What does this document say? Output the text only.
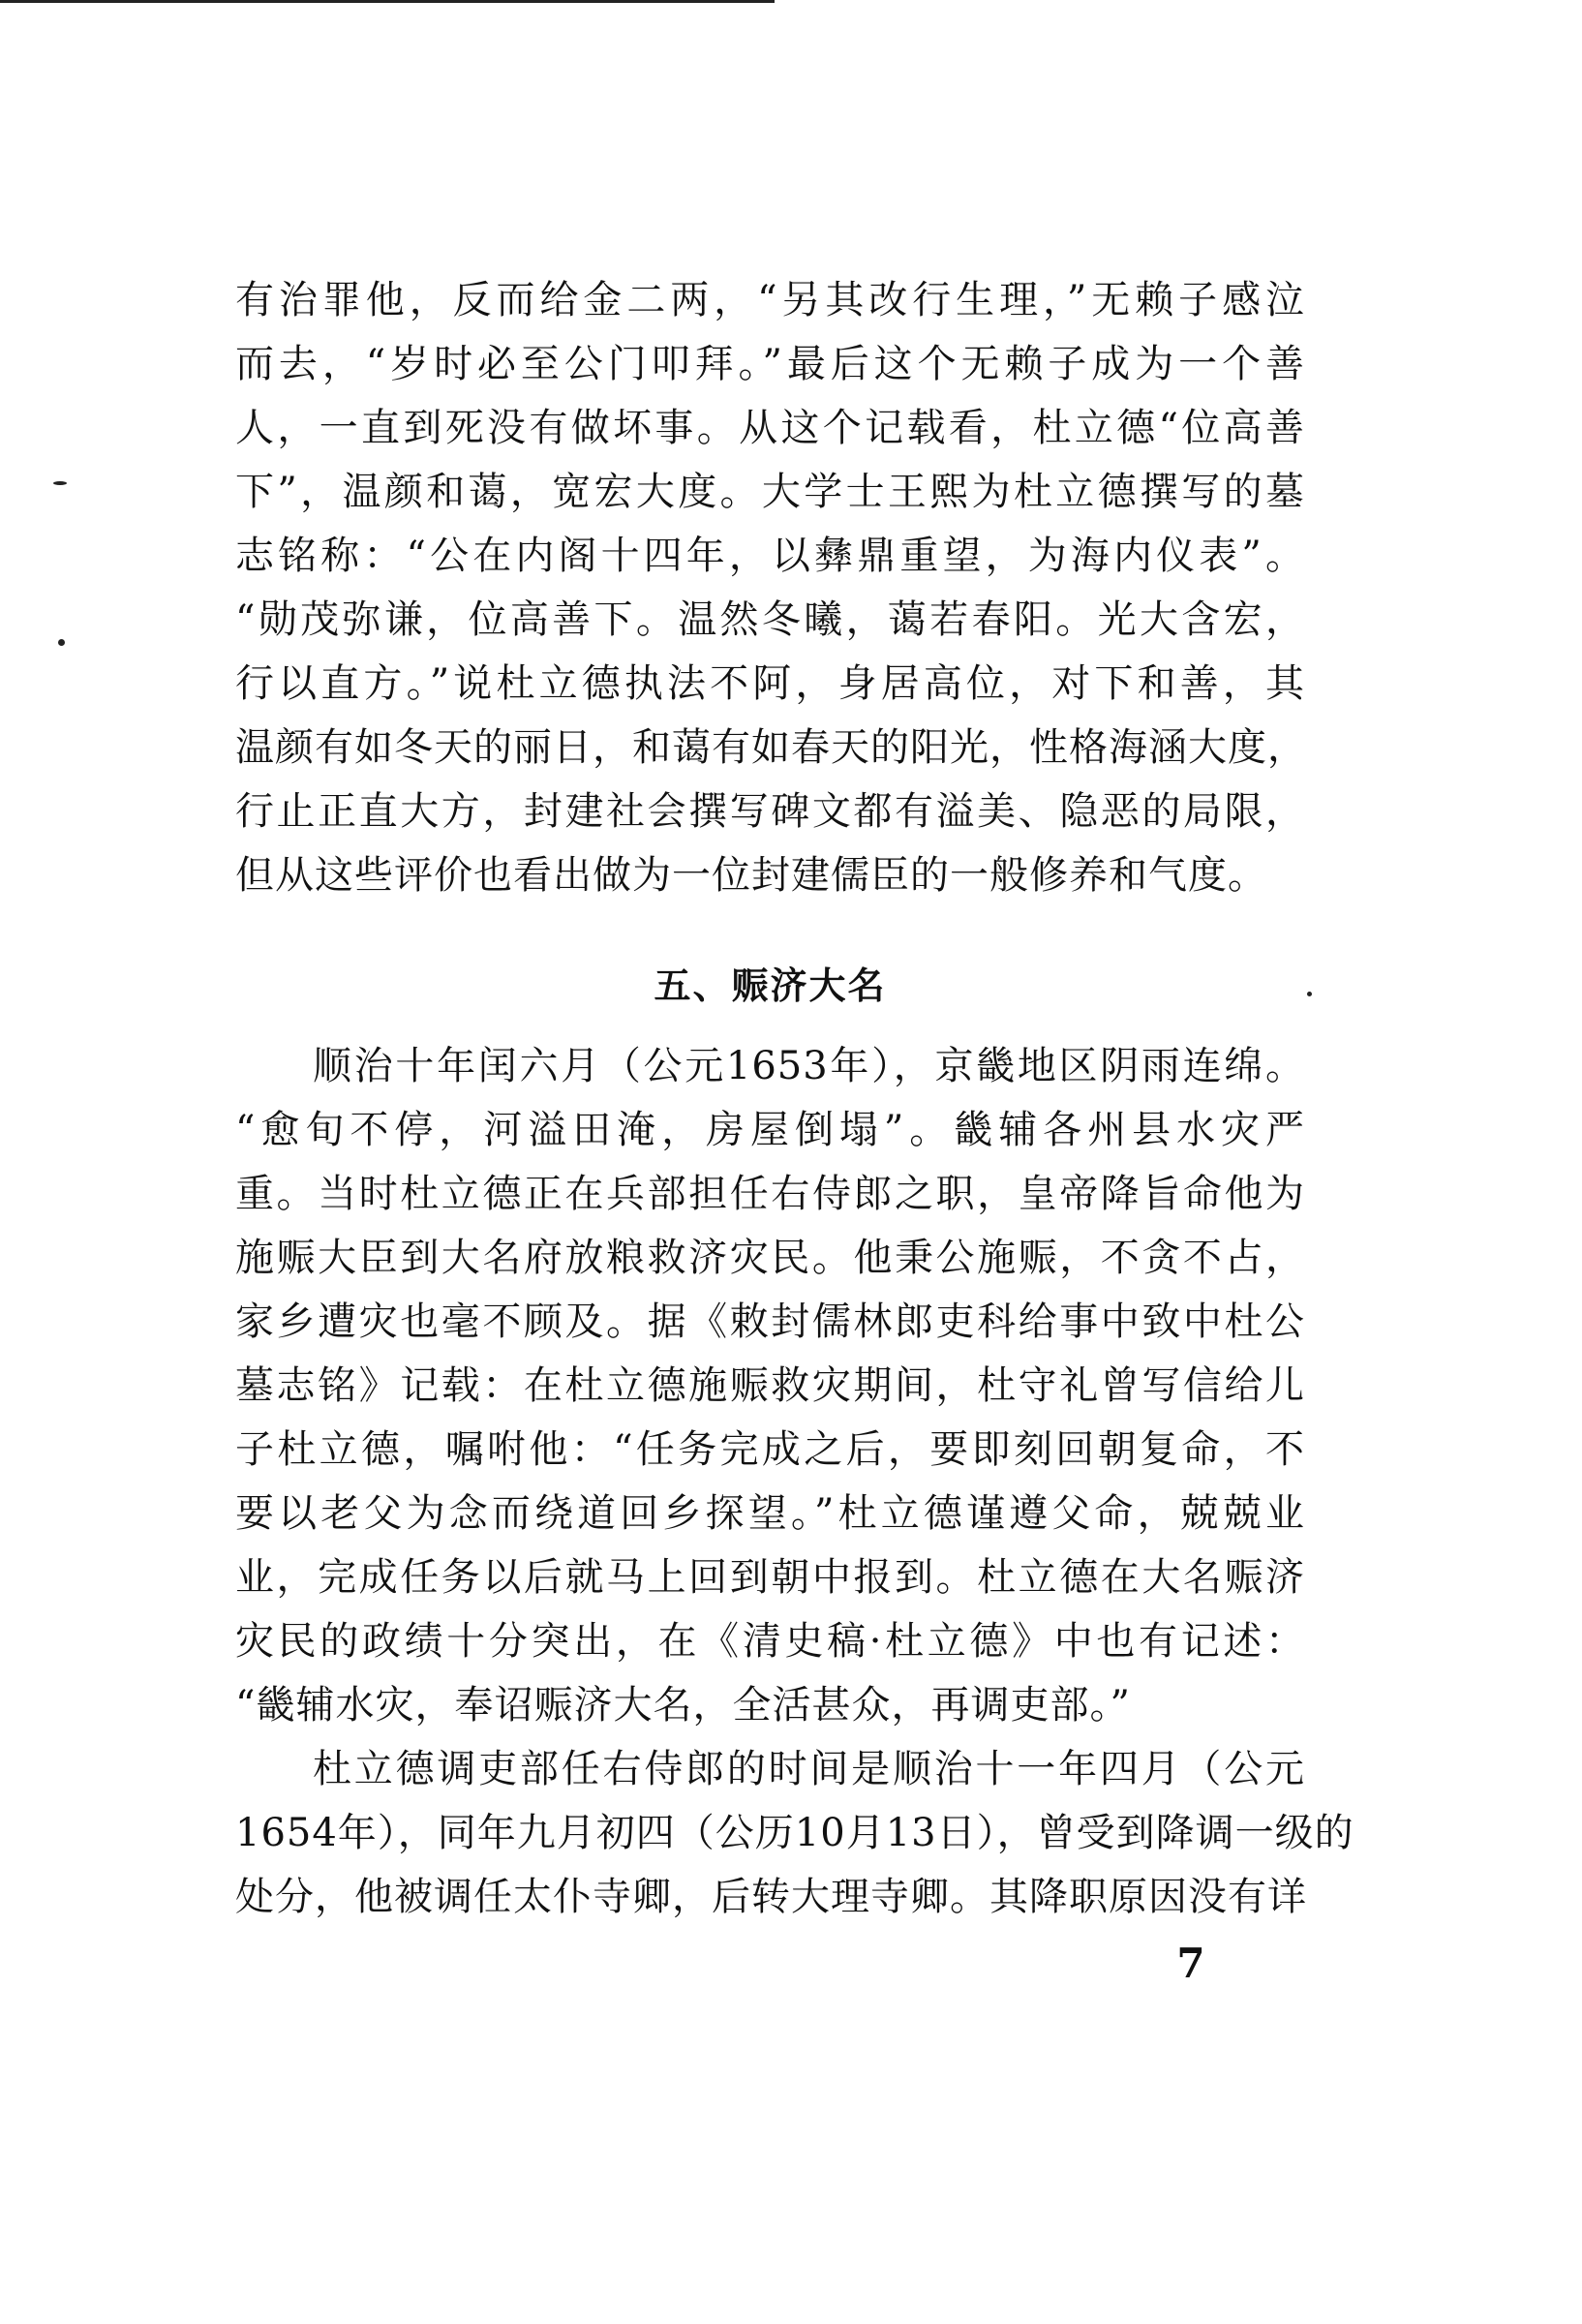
有治罪他，反而给金二两，“另其改行生理，”无赖子感泣
而去，“岁时必至公门叩拜。”最后这个无赖子成为一个善
人，一直到死没有做坏事。从这个记载看，杜立德“位高善
下”，温颜和蔼，宽宏大度。大学士王熙为杜立德撰写的墓
志铭称：“公在内阁十四年，以彝鼎重望，为海内仪表”。
“勋茂弥谦，位高善下。温然冬曦，蔼若春阳。光大含宏，
行以直方。”说杜立德执法不阿，身居高位，对下和善，其
温颜有如冬天的丽日，和蔼有如春天的阳光，性格海涵大度，
行止正直大方，封建社会撰写碑文都有溢美、隐恶的局限，
但从这些评价也看出做为一位封建儒臣的一般修养和气度。
五、赈济大名
顺治十年闰六月（公元1653年），京畿地区阴雨连绵。
“愈旬不停，河溢田淹，房屋倒塌”。畿辅各州县水灾严
重。当时杜立德正在兵部担任右侍郎之职，皇帝降旨命他为
施赈大臣到大名府放粮救济灾民。他秉公施赈，不贪不占，
家乡遭灾也毫不顾及。据《敕封儒林郎吏科给事中致中杜公
墓志铭》记载：在杜立德施赈救灾期间，杜守礼曾写信给儿
子杜立德，嘱咐他：“任务完成之后，要即刻回朝复命，不
要以老父为念而绕道回乡探望。”杜立德谨遵父命，兢兢业
业，完成任务以后就马上回到朝中报到。杜立德在大名赈济
灾民的政绩十分突出，在《清史稿·杜立德》中也有记述：
“畿辅水灾，奉诏赈济大名，全活甚众，再调吏部。”
杜立德调吏部任右侍郎的时间是顺治十一年四月（公元
1654年），同年九月初四（公历10月13日），曾受到降调一级的
处分，他被调任太仆寺卿，后转大理寺卿。其降职原因没有详
7
